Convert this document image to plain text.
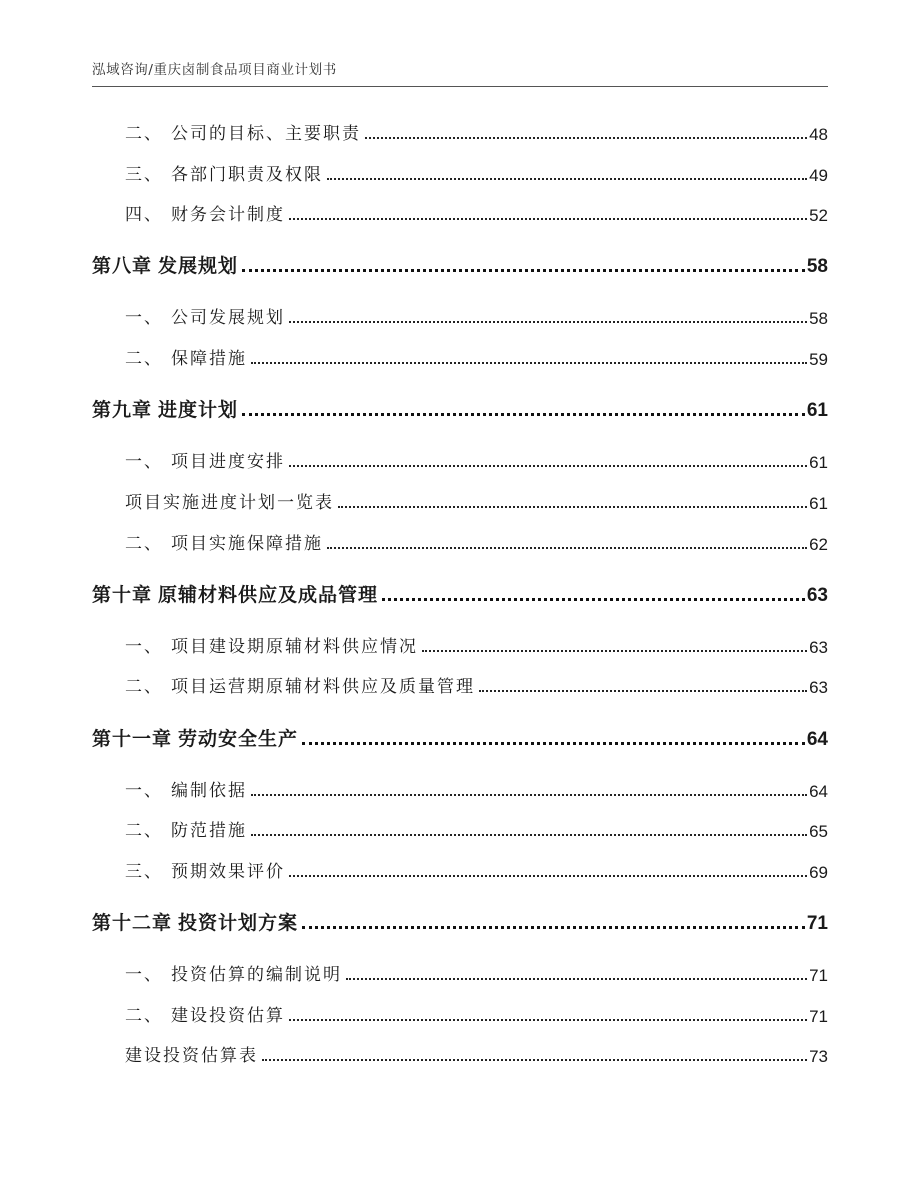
泓域咨询/重庆卤制食品项目商业计划书
二、 公司的目标、主要职责	48
三、 各部门职责及权限	49
四、 财务会计制度	52
第八章 发展规划	58
一、 公司发展规划	58
二、 保障措施	59
第九章 进度计划	61
一、 项目进度安排	61
项目实施进度计划一览表	61
二、 项目实施保障措施	62
第十章 原辅材料供应及成品管理	63
一、 项目建设期原辅材料供应情况	63
二、 项目运营期原辅材料供应及质量管理	63
第十一章 劳动安全生产	64
一、 编制依据	64
二、 防范措施	65
三、 预期效果评价	69
第十二章 投资计划方案	71
一、 投资估算的编制说明	71
二、 建设投资估算	71
建设投资估算表	73
